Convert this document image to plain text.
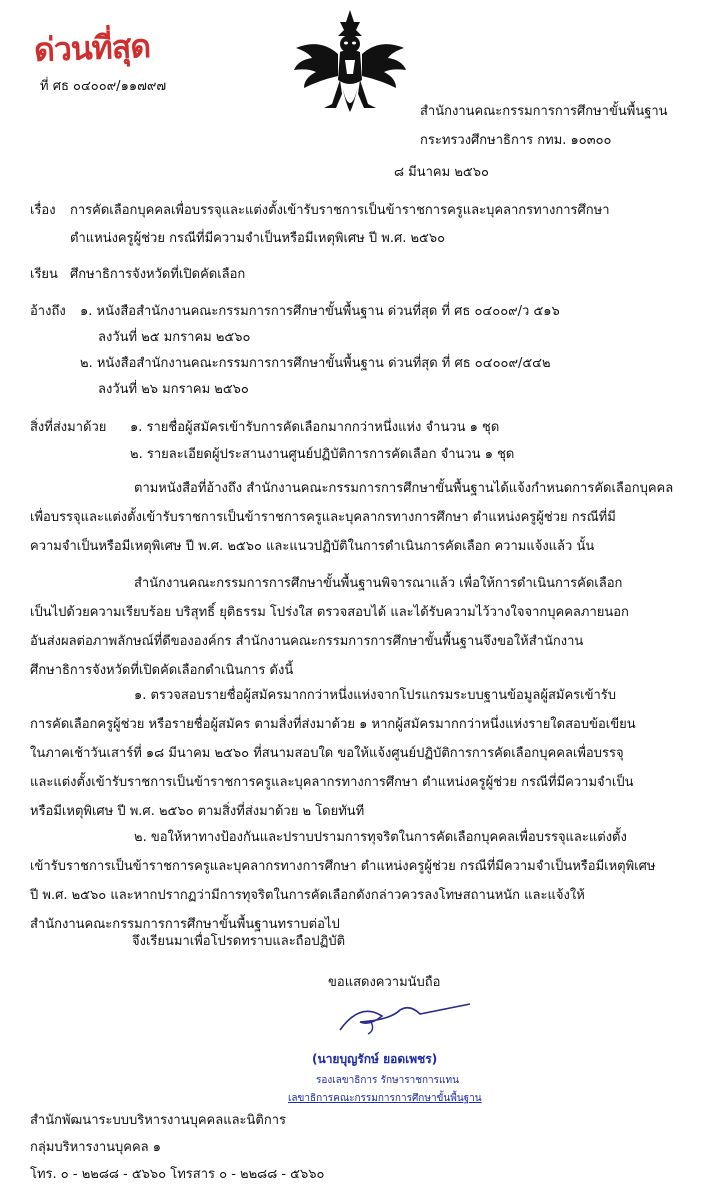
ด่วนที่สุด
ที่ ศธ ๐๔๐๐๙/๑๑๗๙๗
สำนักงานคณะกรรมการการศึกษาขั้นพื้นฐาน
กระทรวงศึกษาธิการ กทม. ๑๐๓๐๐
๘ มีนาคม ๒๕๖๐
เรื่อง การคัดเลือกบุคคลเพื่อบรรจุและแต่งตั้งเข้ารับราชการเป็นข้าราชการครูและบุคลากรทางการศึกษา
ตำแหน่งครูผู้ช่วย กรณีที่มีความจำเป็นหรือมีเหตุพิเศษ ปี พ.ศ. ๒๕๖๐
เรียน ศึกษาธิการจังหวัดที่เปิดคัดเลือก
อ้างถึง ๑. หนังสือสำนักงานคณะกรรมการการศึกษาขั้นพื้นฐาน ด่วนที่สุด ที่ ศธ ๐๔๐๐๙/ว ๕๑๖
ลงวันที่ ๒๕ มกราคม ๒๕๖๐
๒. หนังสือสำนักงานคณะกรรมการการศึกษาขั้นพื้นฐาน ด่วนที่สุด ที่ ศธ ๐๔๐๐๙/๕๔๒
ลงวันที่ ๒๖ มกราคม ๒๕๖๐
สิ่งที่ส่งมาด้วย ๑. รายชื่อผู้สมัครเข้ารับการคัดเลือกมากกว่าหนึ่งแห่ง จำนวน ๑ ชุด
๒. รายละเอียดผู้ประสานงานศูนย์ปฏิบัติการการคัดเลือก จำนวน ๑ ชุด
ตามหนังสือที่อ้างถึง สำนักงานคณะกรรมการการศึกษาขั้นพื้นฐานได้แจ้งกำหนดการคัดเลือกบุคคล
เพื่อบรรจุและแต่งตั้งเข้ารับราชการเป็นข้าราชการครูและบุคลากรทางการศึกษา ตำแหน่งครูผู้ช่วย กรณีที่มี
ความจำเป็นหรือมีเหตุพิเศษ ปี พ.ศ. ๒๕๖๐ และแนวปฏิบัติในการดำเนินการคัดเลือก ความแจ้งแล้ว นั้น
สำนักงานคณะกรรมการการศึกษาขั้นพื้นฐานพิจารณาแล้ว เพื่อให้การดำเนินการคัดเลือก
เป็นไปด้วยความเรียบร้อย บริสุทธิ์ ยุติธรรม โปร่งใส ตรวจสอบได้ และได้รับความไว้วางใจจากบุคคลภายนอก
อันส่งผลต่อภาพลักษณ์ที่ดีขององค์กร สำนักงานคณะกรรมการการศึกษาขั้นพื้นฐานจึงขอให้สำนักงาน
ศึกษาธิการจังหวัดที่เปิดคัดเลือกดำเนินการ ดังนี้
๑. ตรวจสอบรายชื่อผู้สมัครมากกว่าหนึ่งแห่งจากโปรแกรมระบบฐานข้อมูลผู้สมัครเข้ารับ
การคัดเลือกครูผู้ช่วย หรือรายชื่อผู้สมัคร ตามสิ่งที่ส่งมาด้วย ๑ หากผู้สมัครมากกว่าหนึ่งแห่งรายใดสอบข้อเขียน
ในภาคเช้าวันเสาร์ที่ ๑๘ มีนาคม ๒๕๖๐ ที่สนามสอบใด ขอให้แจ้งศูนย์ปฏิบัติการการคัดเลือกบุคคลเพื่อบรรจุ
และแต่งตั้งเข้ารับราชการเป็นข้าราชการครูและบุคลากรทางการศึกษา ตำแหน่งครูผู้ช่วย กรณีที่มีความจำเป็น
หรือมีเหตุพิเศษ ปี พ.ศ. ๒๕๖๐ ตามสิ่งที่ส่งมาด้วย ๒ โดยทันที
๒. ขอให้หาทางป้องกันและปราบปรามการทุจริตในการคัดเลือกบุคคลเพื่อบรรจุและแต่งตั้ง
เข้ารับราชการเป็นข้าราชการครูและบุคลากรทางการศึกษา ตำแหน่งครูผู้ช่วย กรณีที่มีความจำเป็นหรือมีเหตุพิเศษ
ปี พ.ศ. ๒๕๖๐ และหากปรากฏว่ามีการทุจริตในการคัดเลือกดังกล่าวควรลงโทษสถานหนัก และแจ้งให้
สำนักงานคณะกรรมการการศึกษาขั้นพื้นฐานทราบต่อไป
จึงเรียนมาเพื่อโปรดทราบและถือปฏิบัติ
ขอแสดงความนับถือ
(นายบุญรักษ์ ยอดเพชร)
รองเลขาธิการ รักษาราชการแทน
เลขาธิการคณะกรรมการการศึกษาขั้นพื้นฐาน
สำนักพัฒนาระบบบริหารงานบุคคลและนิติการ
กลุ่มบริหารงานบุคคล ๑
โทร. ๐ - ๒๒๘๘ - ๕๖๖๐ โทรสาร ๐ - ๒๒๘๘ - ๕๖๖๐
